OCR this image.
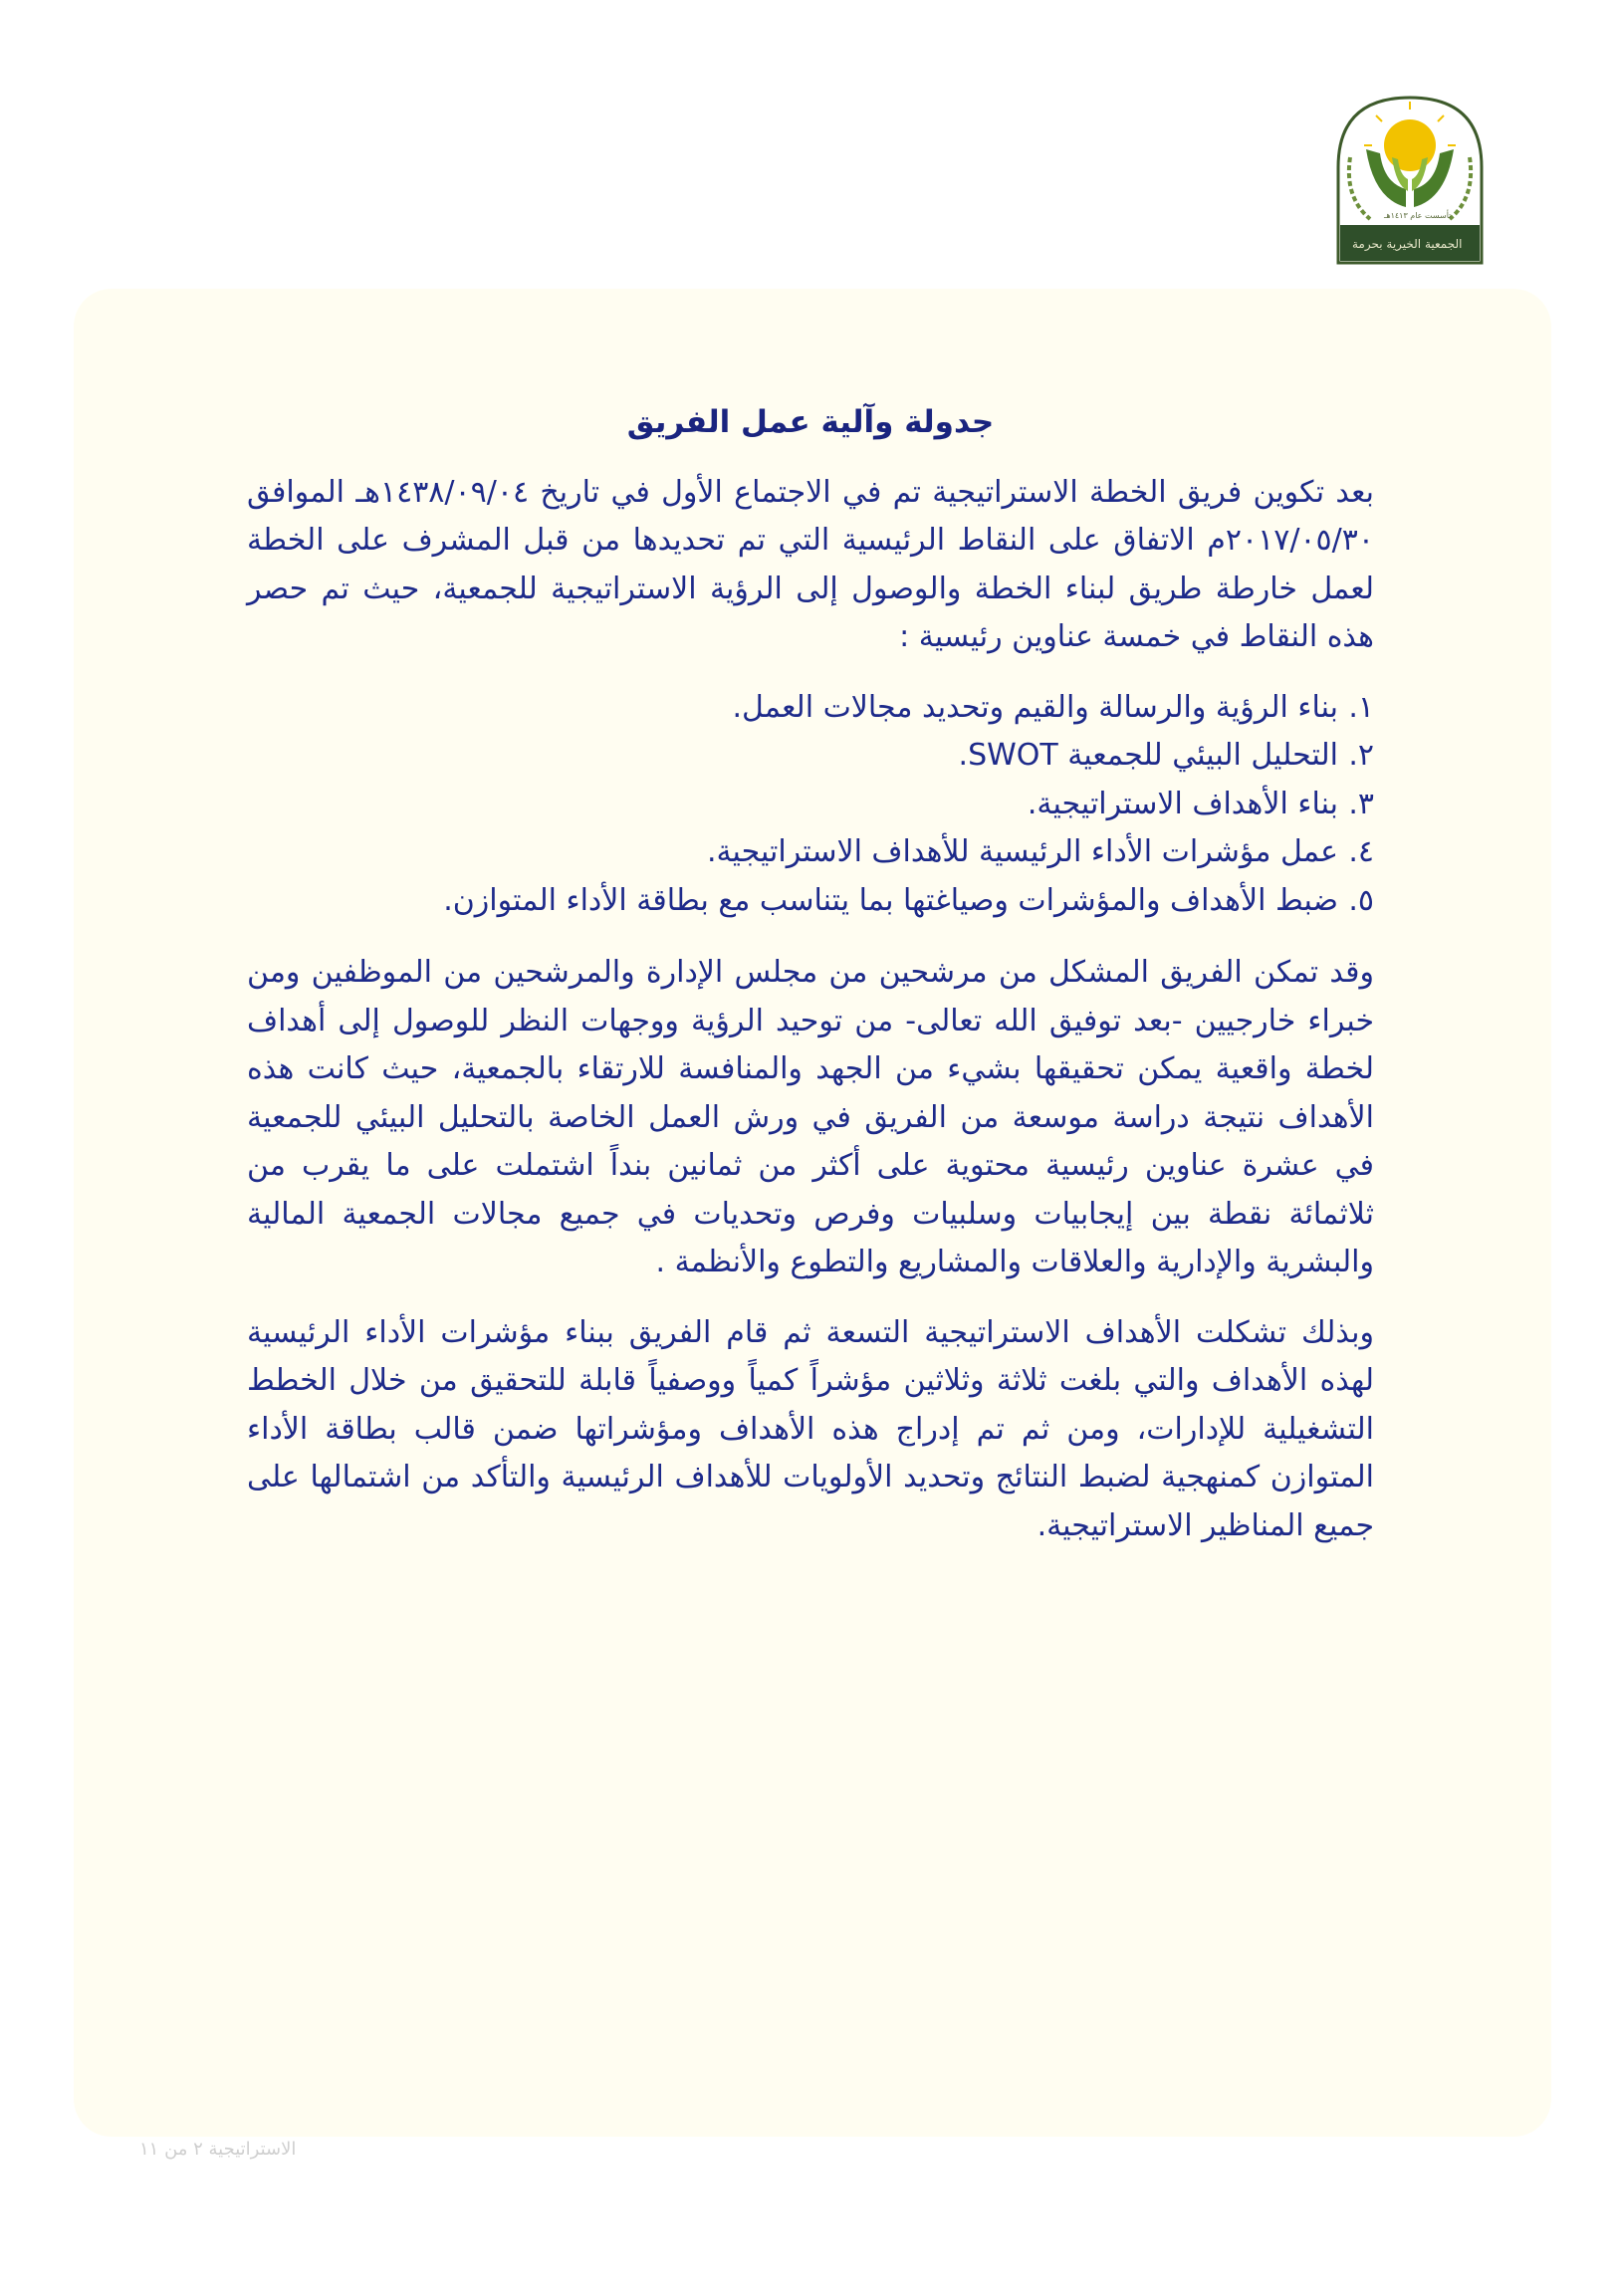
تأسست عام ١٤١٣هـ
الجمعية الخيرية بحرمة
جدولة وآلية عمل الفريق

بعد تكوين فريق الخطة الاستراتيجية تم في الاجتماع الأول في تاريخ ١٤٣٨/٠٩/٠٤هـ الموافق ٢٠١٧/٠٥/٣٠م الاتفاق على النقاط الرئيسية التي تم تحديدها من قبل المشرف على الخطة لعمل خارطة طريق لبناء الخطة والوصول إلى الرؤية الاستراتيجية للجمعية، حيث تم حصر هذه النقاط في خمسة عناوين رئيسية :

١.
بناء الرؤية والرسالة والقيم وتحديد مجالات العمل.
٢.
التحليل البيئي للجمعية SWOT.
٣.
بناء الأهداف الاستراتيجية.
٤.
عمل مؤشرات الأداء الرئيسية للأهداف الاستراتيجية.
٥.
ضبط الأهداف والمؤشرات وصياغتها بما يتناسب مع بطاقة الأداء المتوازن.

وقد تمكن الفريق المشكل من مرشحين من مجلس الإدارة والمرشحين من الموظفين ومن خبراء خارجيين -بعد توفيق الله تعالى- من توحيد الرؤية ووجهات النظر للوصول إلى أهداف لخطة واقعية يمكن تحقيقها بشيء من الجهد والمنافسة للارتقاء بالجمعية، حيث كانت هذه الأهداف نتيجة دراسة موسعة من الفريق في ورش العمل الخاصة بالتحليل البيئي للجمعية في عشرة عناوين رئيسية محتوية على أكثر من ثمانين بنداً اشتملت على ما يقرب من ثلاثمائة نقطة بين إيجابيات وسلبيات وفرص وتحديات في جميع مجالات الجمعية المالية والبشرية والإدارية والعلاقات والمشاريع والتطوع والأنظمة .

وبذلك تشكلت الأهداف الاستراتيجية التسعة ثم قام الفريق ببناء مؤشرات الأداء الرئيسية لهذه الأهداف والتي بلغت ثلاثة وثلاثين مؤشراً كمياً ووصفياً قابلة للتحقيق من خلال الخطط التشغيلية للإدارات، ومن ثم تم إدراج هذه الأهداف ومؤشراتها ضمن قالب بطاقة الأداء المتوازن كمنهجية لضبط النتائج وتحديد الأولويات للأهداف الرئيسية والتأكد من اشتمالها على جميع المناظير الاستراتيجية.

الاستراتيجية ٢ من ١١
